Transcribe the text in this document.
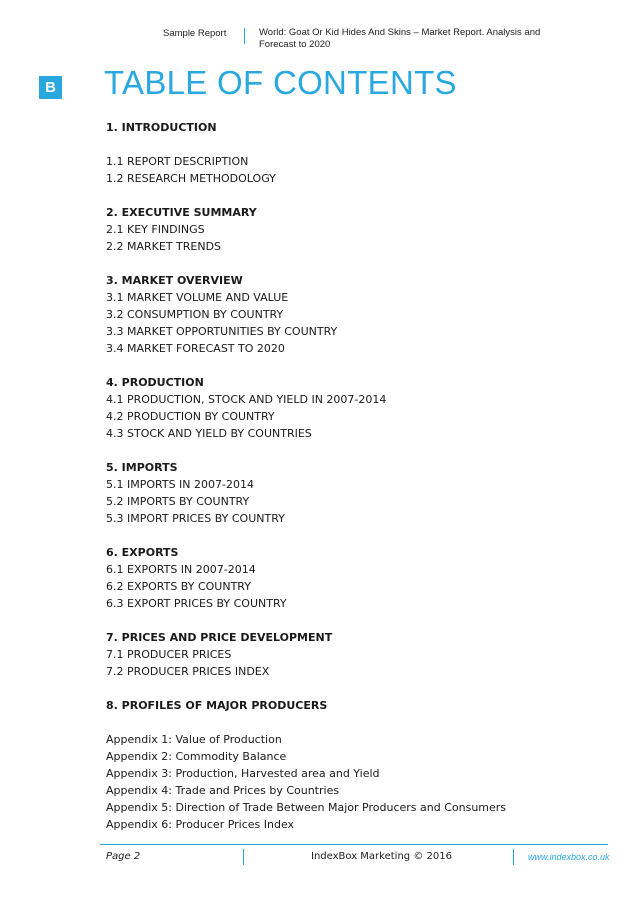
Sample Report	World: Goat Or Kid Hides And Skins – Market Report. Analysis and Forecast to 2020
B TABLE OF CONTENTS
1. INTRODUCTION
1.1 REPORT DESCRIPTION
1.2 RESEARCH METHODOLOGY
2. EXECUTIVE SUMMARY
2.1 KEY FINDINGS
2.2 MARKET TRENDS
3. MARKET OVERVIEW
3.1 MARKET VOLUME AND VALUE
3.2 CONSUMPTION BY COUNTRY
3.3 MARKET OPPORTUNITIES BY COUNTRY
3.4 MARKET FORECAST TO 2020
4. PRODUCTION
4.1 PRODUCTION, STOCK AND YIELD IN 2007-2014
4.2 PRODUCTION BY COUNTRY
4.3 STOCK AND YIELD BY COUNTRIES
5. IMPORTS
5.1 IMPORTS IN 2007-2014
5.2 IMPORTS BY COUNTRY
5.3 IMPORT PRICES BY COUNTRY
6. EXPORTS
6.1 EXPORTS IN 2007-2014
6.2 EXPORTS BY COUNTRY
6.3 EXPORT PRICES BY COUNTRY
7. PRICES AND PRICE DEVELOPMENT
7.1 PRODUCER PRICES
7.2 PRODUCER PRICES INDEX
8. PROFILES OF MAJOR PRODUCERS
Appendix 1: Value of Production
Appendix 2: Commodity Balance
Appendix 3: Production, Harvested area and Yield
Appendix 4: Trade and Prices by Countries
Appendix 5: Direction of Trade Between Major Producers and Consumers
Appendix 6: Producer Prices Index
Page 2	IndexBox Marketing © 2016	www.indexbox.co.uk
